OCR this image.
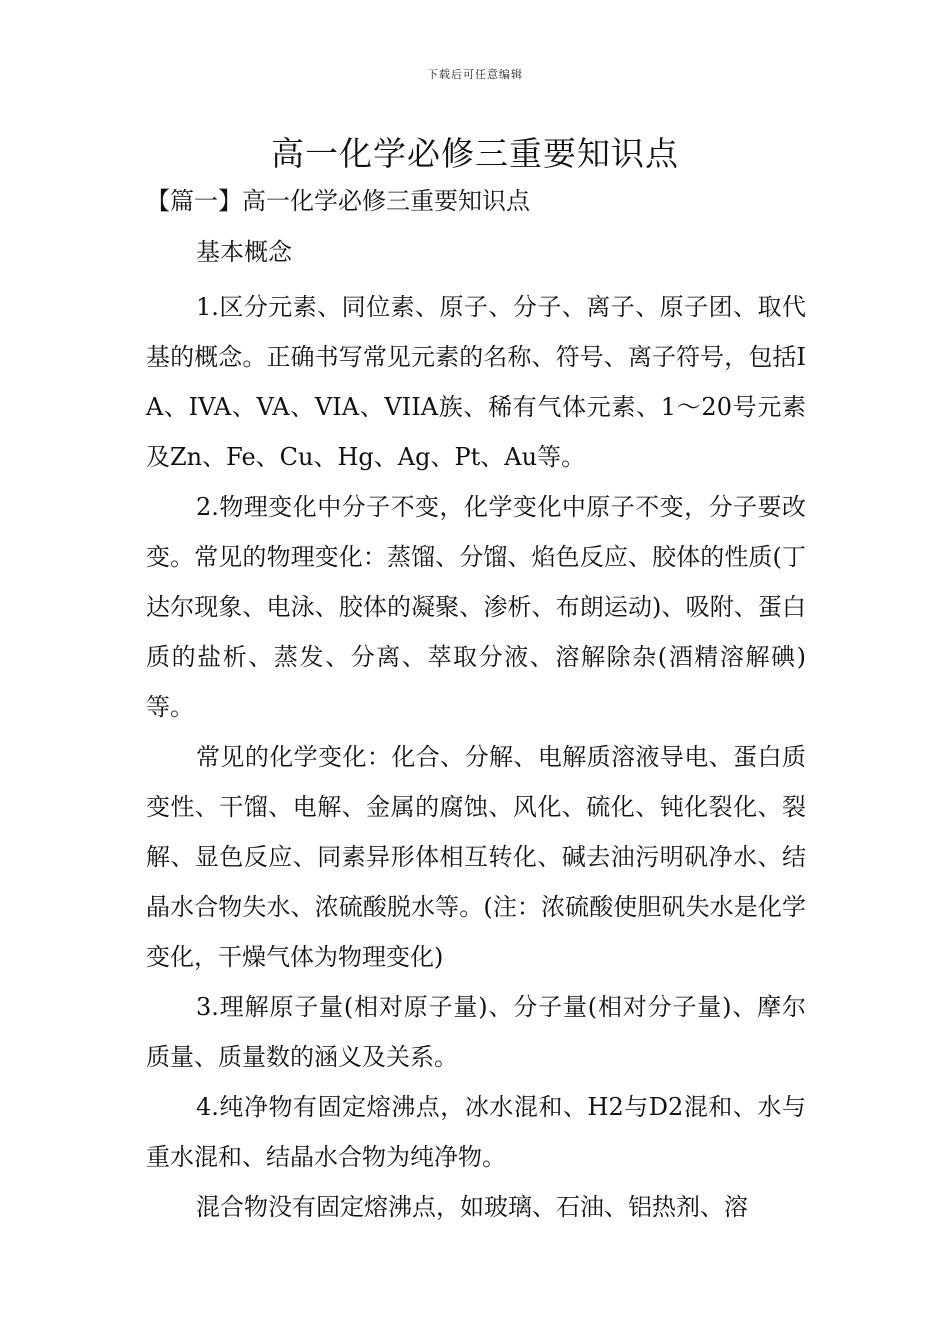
下载后可任意编辑
高一化学必修三重要知识点
【篇一】高一化学必修三重要知识点
基本概念

1.区分元素、同位素、原子、分子、离子、原子团、取代基的概念。正确书写常见元素的名称、符号、离子符号，包括IA、IVA、VA、VIA、VIIA族、稀有气体元素、1～20号元素及Zn、Fe、Cu、Hg、Ag、Pt、Au等。

2.物理变化中分子不变，化学变化中原子不变，分子要改变。常见的物理变化：蒸馏、分馏、焰色反应、胶体的性质(丁达尔现象、电泳、胶体的凝聚、渗析、布朗运动)、吸附、蛋白质的盐析、蒸发、分离、萃取分液、溶解除杂(酒精溶解碘)等。

常见的化学变化：化合、分解、电解质溶液导电、蛋白质变性、干馏、电解、金属的腐蚀、风化、硫化、钝化裂化、裂解、显色反应、同素异形体相互转化、碱去油污明矾净水、结晶水合物失水、浓硫酸脱水等。(注：浓硫酸使胆矾失水是化学变化，干燥气体为物理变化)

3.理解原子量(相对原子量)、分子量(相对分子量)、摩尔质量、质量数的涵义及关系。

4.纯净物有固定熔沸点，冰水混和、H2与D2混和、水与重水混和、结晶水合物为纯净物。

混合物没有固定熔沸点，如玻璃、石油、铝热剂、溶
